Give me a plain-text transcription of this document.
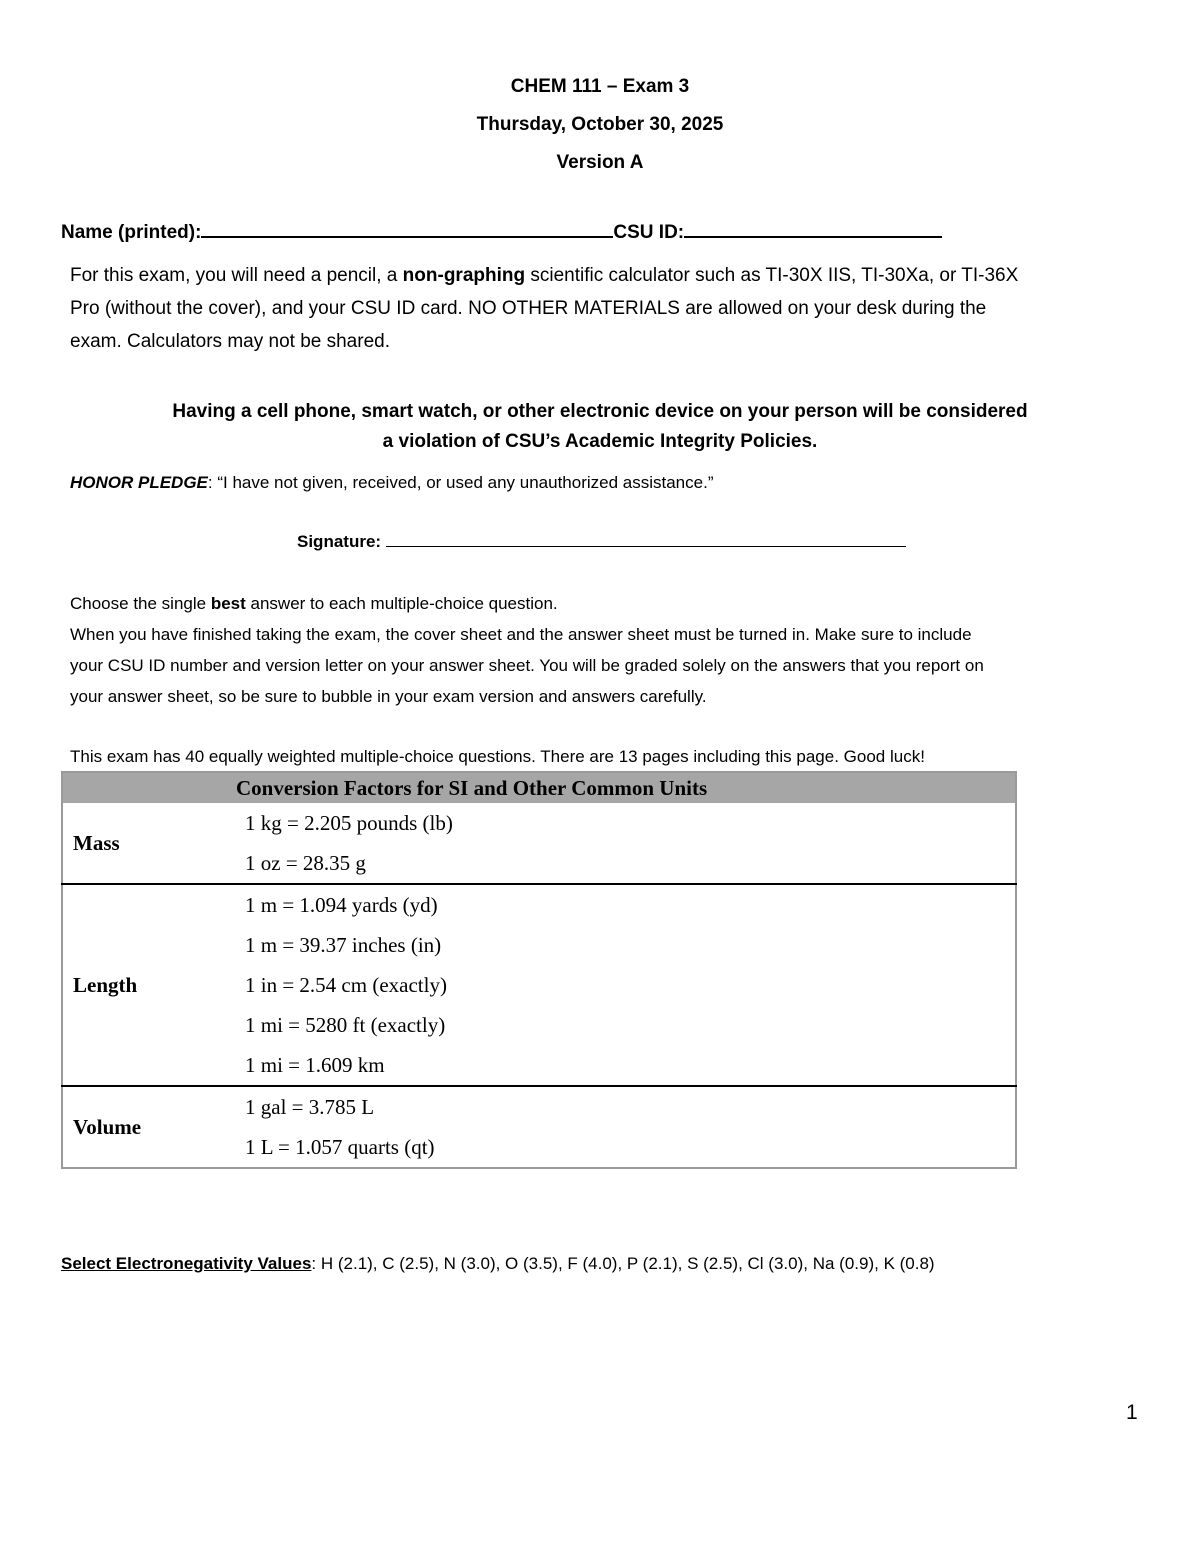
CHEM 111 – Exam 3
Thursday, October 30, 2025
Version A
Name (printed):	CSU ID:
For this exam, you will need a pencil, a non-graphing scientific calculator such as TI-30X IIS, TI-30Xa, or TI-36X
Pro (without the cover), and your CSU ID card. NO OTHER MATERIALS are allowed on your desk during the
exam. Calculators may not be shared.
Having a cell phone, smart watch, or other electronic device on your person will be considered
a violation of CSU’s Academic Integrity Policies.
HONOR PLEDGE: “I have not given, received, or used any unauthorized assistance.”
Signature:
Choose the single best answer to each multiple-choice question.
When you have finished taking the exam, the cover sheet and the answer sheet must be turned in. Make sure to include
your CSU ID number and version letter on your answer sheet. You will be graded solely on the answers that you report on
your answer sheet, so be sure to bubble in your exam version and answers carefully.
This exam has 40 equally weighted multiple-choice questions. There are 13 pages including this page. Good luck!
Conversion Factors for SI and Other Common Units	

Mass	1 kg = 2.205 pounds (lb)
1 oz = 28.35 g

Length	1 m = 1.094 yards (yd)
1 m = 39.37 inches (in)
1 in = 2.54 cm (exactly)
1 mi = 5280 ft (exactly)
1 mi = 1.609 km

Volume	1 gal = 3.785 L
1 L = 1.057 quarts (qt)
Select Electronegativity Values: H (2.1), C (2.5), N (3.0), O (3.5), F (4.0), P (2.1), S (2.5), Cl (3.0), Na (0.9), K (0.8)
1
